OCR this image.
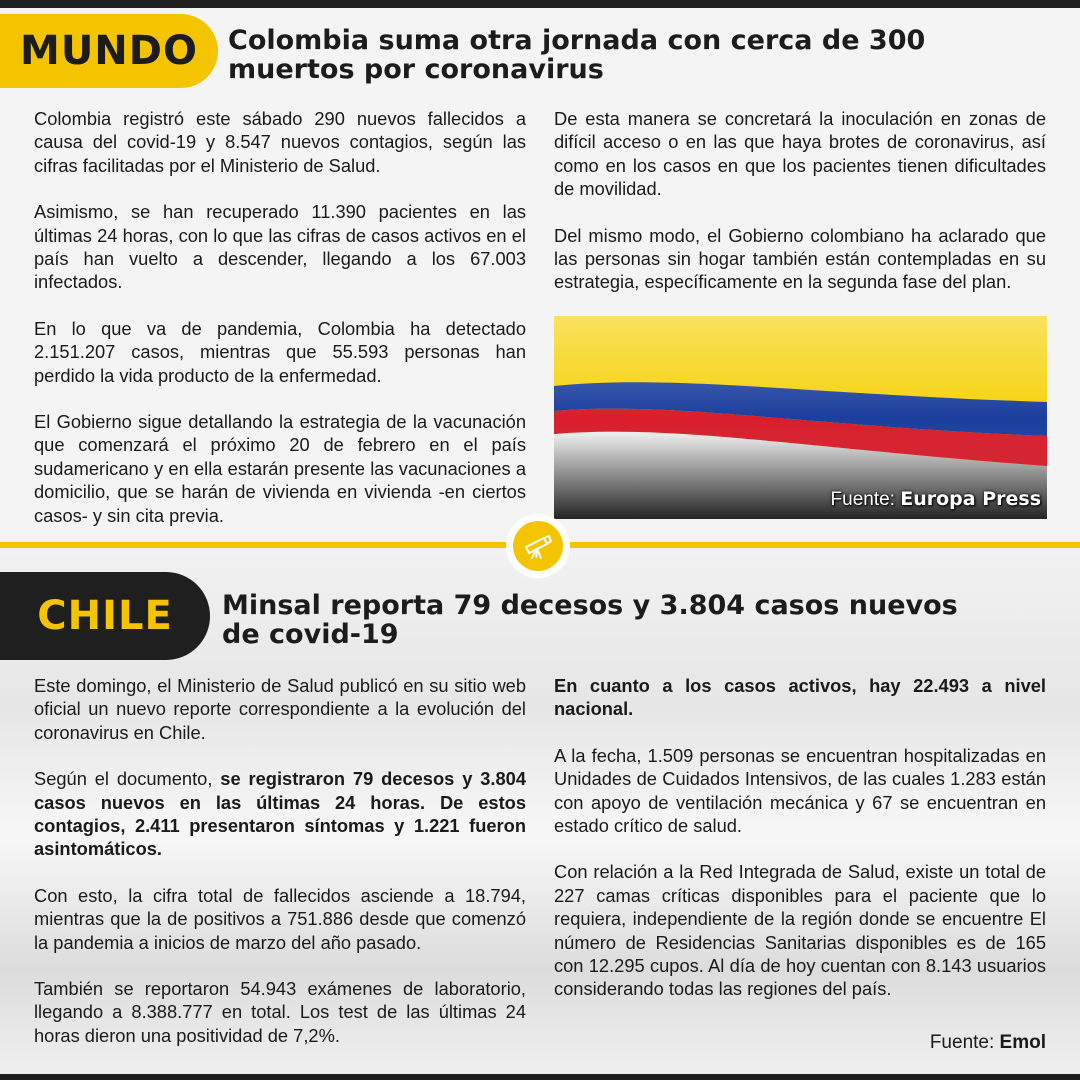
MUNDO	Colombia suma otra jornada con cerca de 300 muertos por coronavirus

Colombia registró este sábado 290 nuevos fallecidos a causa del covid-19 y 8.547 nuevos contagios, según las cifras facilitadas por el Ministerio de Salud.

Asimismo, se han recuperado 11.390 pacientes en las últimas 24 horas, con lo que las cifras de casos activos en el país han vuelto a descender, llegando a los 67.003 infectados.

En lo que va de pandemia, Colombia ha detectado 2.151.207 casos, mientras que 55.593 personas han perdido la vida producto de la enfermedad.

El Gobierno sigue detallando la estrategia de la vacunación que comenzará el próximo 20 de febrero en el país sudamericano y en ella estarán presente las vacunaciones a domicilio, que se harán de vivienda en vivienda -en ciertos casos- y sin cita previa.

De esta manera se concretará la inoculación en zonas de difícil acceso o en las que haya brotes de coronavirus, así como en los casos en que los pacientes tienen dificultades de movilidad.

Del mismo modo, el Gobierno colombiano ha aclarado que las personas sin hogar también están contempladas en su estrategia, específicamente en la segunda fase del plan.

Fuente: Europa Press
CHILE	Minsal reporta 79 decesos y 3.804 casos nuevos de covid-19

Este domingo, el Ministerio de Salud publicó en su sitio web oficial un nuevo reporte correspondiente a la evolución del coronavirus en Chile.

Según el documento, se registraron 79 decesos y 3.804 casos nuevos en las últimas 24 horas. De estos contagios, 2.411 presentaron síntomas y 1.221 fueron asintomáticos.

Con esto, la cifra total de fallecidos asciende a 18.794, mientras que la de positivos a 751.886 desde que comenzó la pandemia a inicios de marzo del año pasado.

También se reportaron 54.943 exámenes de laboratorio, llegando a 8.388.777 en total. Los test de las últimas 24 horas dieron una positividad de 7,2%.

En cuanto a los casos activos, hay 22.493 a nivel nacional.

A la fecha, 1.509 personas se encuentran hospitalizadas en Unidades de Cuidados Intensivos, de las cuales 1.283 están con apoyo de ventilación mecánica y 67 se encuentran en estado crítico de salud.

Con relación a la Red Integrada de Salud, existe un total de 227 camas críticas disponibles para el paciente que lo requiera, independiente de la región donde se encuentre El número de Residencias Sanitarias disponibles es de 165 con 12.295 cupos. Al día de hoy cuentan con 8.143 usuarios considerando todas las regiones del país.

Fuente: Emol
